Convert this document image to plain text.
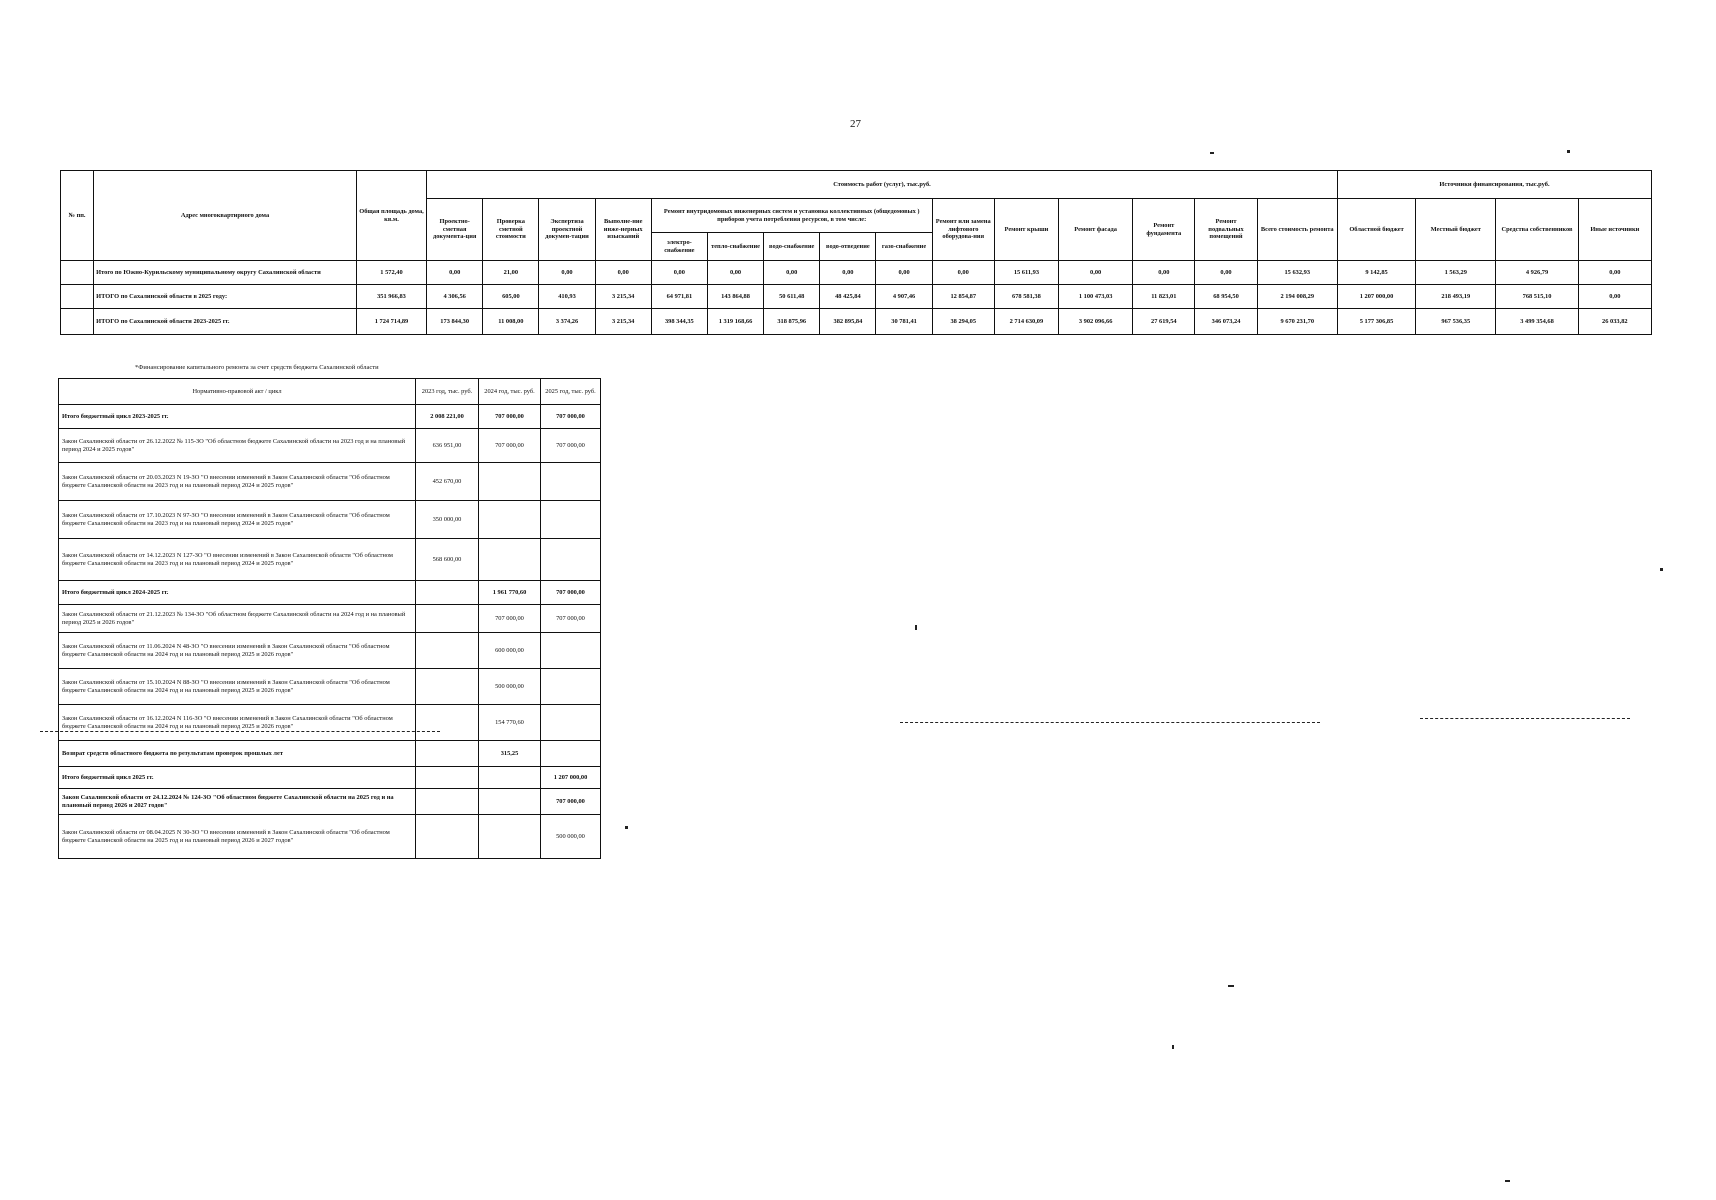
27
№ пп.	Адрес многоквартирного дома	Общая площадь дома, кв.м.	Стоимость работ (услуг), тыс.руб.															Источники финансирования, тыс.руб.			
			Проектно-сметная документа-ция	Проверка сметной стоимости	Экспертиза проектной докумен-тации	Выполне-ние инже-нерных изысканий	Ремонт внутридомовых инженерных систем и установка коллективных (общедомовых ) приборов учета потребления ресурсов, в том числе:					Ремонт или замена лифтового оборудова-ния	Ремонт крыши	Ремонт фасада	Ремонт фундамента	Ремонт подвальных помещений	Всего стоимость ремонта	Областной бюджет	Местный бюджет	Средства собственников	Иные источники
							электро-снабжение	тепло-снабжение	водо-снабжение	водо-отведение	газо-снабжение										
	Итого по Южно-Курильскому муниципальному округу Сахалинской области	1 572,40	0,00	21,00	0,00	0,00	0,00	0,00	0,00	0,00	0,00	0,00	15 611,93	0,00	0,00	0,00	15 632,93	9 142,85	1 563,29	4 926,79	0,00
	ИТОГО по Сахалинской области в 2025 году:	351 966,83	4 306,56	605,00	410,93	3 215,34	64 971,81	143 864,88	50 611,48	48 425,84	4 907,46	12 854,87	678 581,38	1 100 473,03	11 823,01	68 954,50	2 194 008,29	1 207 000,00	218 493,19	768 515,10	0,00
	ИТОГО по Сахалинской области 2023-2025 гг.	1 724 714,89	173 844,30	11 008,00	3 374,26	3 215,34	398 344,35	1 319 168,66	318 875,96	382 895,84	30 781,41	38 294,05	2 714 630,09	3 902 096,66	27 619,54	346 073,24	9 670 231,70	5 177 306,85	967 536,35	3 499 354,68	26 033,82
*Финансирование капитального ремонта за счет средств бюджета Сахалинской области
Нормативно-правовой акт / цикл	2023 год, тыс. руб.	2024 год, тыс. руб.	2025 год, тыс. руб.
Итого бюджетный цикл 2023-2025 гг.	2 008 221,00	707 000,00	707 000,00
Закон Сахалинской области от 26.12.2022 № 115-ЗО "Об областном бюджете Сахалинской области на 2023 год и на плановый период 2024 и 2025 годов"	636 951,00	707 000,00	707 000,00
Закон Сахалинской области от 20.03.2023 N 19-ЗО "О внесении изменений в Закон Сахалинской области "Об областном бюджете Сахалинской области на 2023 год и на плановый период 2024 и 2025 годов"	452 670,00		
Закон Сахалинской области от 17.10.2023 N 97-ЗО "О внесении изменений в Закон Сахалинской области "Об областном бюджете Сахалинской области на 2023 год и на плановый период 2024 и 2025 годов"	350 000,00		
Закон Сахалинской области от 14.12.2023 N 127-ЗО "О внесении изменений в Закон Сахалинской области "Об областном бюджете Сахалинской области на 2023 год и на плановый период 2024 и 2025 годов"	568 600,00		
Итого бюджетный цикл 2024-2025 гг.		1 961 770,60	707 000,00
Закон Сахалинской области от 21.12.2023 № 134-ЗО "Об областном бюджете Сахалинской области на 2024 год и на плановый период 2025 и 2026 годов"		707 000,00	707 000,00
Закон Сахалинской области от 11.06.2024 N 48-ЗО "О внесении изменений в Закон Сахалинской области "Об областном бюджете Сахалинской области на 2024 год и на плановый период 2025 и 2026 годов"		600 000,00	
Закон Сахалинской области от 15.10.2024 N 88-ЗО "О внесении изменений в Закон Сахалинской области "Об областном бюджете Сахалинской области на 2024 год и на плановый период 2025 и 2026 годов"		500 000,00	
Закон Сахалинской области от 16.12.2024 N 116-ЗО "О внесении изменений в Закон Сахалинской области "Об областном бюджете Сахалинской области на 2024 год и на плановый период 2025 и 2026 годов"		154 770,60	
Возврат средств областного бюджета по результатам проверок прошлых лет		315,25	
Итого бюджетный цикл 2025 гг.			1 207 000,00
Закон Сахалинской области от 24.12.2024 № 124-ЗО "Об областном бюджете Сахалинской области на 2025 год и на плановый период 2026 и 2027 годов"			707 000,00
Закон Сахалинской области от 08.04.2025 N 30-ЗО "О внесении изменений в Закон Сахалинской области "Об областном бюджете Сахалинской области на 2025 год и на плановый период 2026 и 2027 годов"			500 000,00
